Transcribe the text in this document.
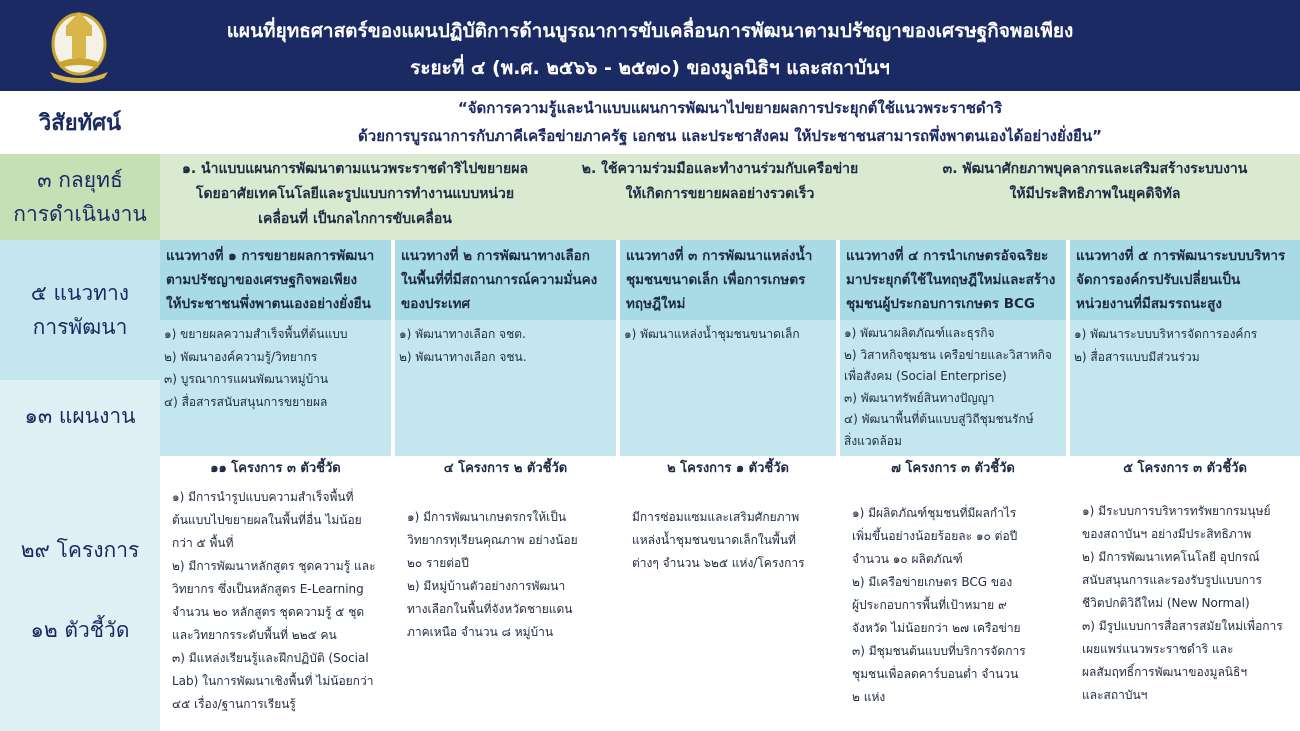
แผนที่ยุทธศาสตร์ของแผนปฏิบัติการด้านบูรณาการขับเคลื่อนการพัฒนาตามปรัชญาของเศรษฐกิจพอเพียง
ระยะที่ ๔ (พ.ศ. ๒๕๖๖ - ๒๕๗๐) ของมูลนิธิฯ และสถาบันฯ
วิสัยทัศน์
“จัดการความรู้และนำแบบแผนการพัฒนาไปขยายผลการประยุกต์ใช้แนวพระราชดำริ
ด้วยการบูรณาการกับภาคีเครือข่ายภาครัฐ เอกชน และประชาสังคม ให้ประชาชนสามารถพึ่งพาตนเองได้อย่างยั่งยืน”
๓ กลยุทธ์
การดำเนินงาน
๑. นำแบบแผนการพัฒนาตามแนวพระราชดำริไปขยายผล
โดยอาศัยเทคโนโลยีและรูปแบบการทำงานแบบหน่วย
เคลื่อนที่ เป็นกลไกการขับเคลื่อน
๒. ใช้ความร่วมมือและทำงานร่วมกับเครือข่าย
ให้เกิดการขยายผลอย่างรวดเร็ว
๓. พัฒนาศักยภาพบุคลากรและเสริมสร้างระบบงาน
ให้มีประสิทธิภาพในยุคดิจิทัล
๕ แนวทาง
การพัฒนา
๑๓ แผนงาน
๒๙ โครงการ
๑๒ ตัวชี้วัด
แนวทางที่ ๑ การขยายผลการพัฒนา
ตามปรัชญาของเศรษฐกิจพอเพียง
ให้ประชาชนพึ่งพาตนเองอย่างยั่งยืน
๑) ขยายผลความสำเร็จพื้นที่ต้นแบบ
๒) พัฒนาองค์ความรู้/วิทยากร
๓) บูรณาการแผนพัฒนาหมู่บ้าน
๔) สื่อสารสนับสนุนการขยายผล
๑๑ โครงการ ๓ ตัวชี้วัด
๑) มีการนำรูปแบบความสำเร็จพื้นที่
ต้นแบบไปขยายผลในพื้นที่อื่น ไม่น้อย
กว่า ๕ พื้นที่
๒) มีการพัฒนาหลักสูตร ชุดความรู้ และ
วิทยากร ซึ่งเป็นหลักสูตร E-Learning
จำนวน ๒๐ หลักสูตร ชุดความรู้ ๕ ชุด
และวิทยากรระดับพื้นที่ ๒๒๕ คน
๓) มีแหล่งเรียนรู้และฝึกปฏิบัติ (Social
Lab) ในการพัฒนาเชิงพื้นที่ ไม่น้อยกว่า
๔๕ เรื่อง/ฐานการเรียนรู้
แนวทางที่ ๒ การพัฒนาทางเลือก
ในพื้นที่ที่มีสถานการณ์ความมั่นคง
ของประเทศ
๑) พัฒนาทางเลือก จชต.
๒) พัฒนาทางเลือก จชน.
๔ โครงการ ๒ ตัวชี้วัด
๑) มีการพัฒนาเกษตรกรให้เป็น
วิทยากรทุเรียนคุณภาพ อย่างน้อย
๒๐ รายต่อปี
๒) มีหมู่บ้านตัวอย่างการพัฒนา
ทางเลือกในพื้นที่จังหวัดชายแดน
ภาคเหนือ จำนวน ๘ หมู่บ้าน
แนวทางที่ ๓ การพัฒนาแหล่งน้ำ
ชุมชนขนาดเล็ก เพื่อการเกษตร
ทฤษฎีใหม่
๑) พัฒนาแหล่งน้ำชุมชนขนาดเล็ก
๒ โครงการ ๑ ตัวชี้วัด
มีการซ่อมแซมและเสริมศักยภาพ
แหล่งน้ำชุมชนขนาดเล็กในพื้นที่
ต่างๆ จำนวน ๖๒๕ แห่ง/โครงการ
แนวทางที่ ๔ การนำเกษตรอัจฉริยะ
มาประยุกต์ใช้ในทฤษฎีใหม่และสร้าง
ชุมชนผู้ประกอบการเกษตร BCG
๑) พัฒนาผลิตภัณฑ์และธุรกิจ
๒) วิสาหกิจชุมชน เครือข่ายและวิสาหกิจ
เพื่อสังคม (Social Enterprise)
๓) พัฒนาทรัพย์สินทางปัญญา
๔) พัฒนาพื้นที่ต้นแบบสู่วิถีชุมชนรักษ์
สิ่งแวดล้อม
๗ โครงการ ๓ ตัวชี้วัด
๑) มีผลิตภัณฑ์ชุมชนที่มีผลกำไร
เพิ่มขึ้นอย่างน้อยร้อยละ ๑๐ ต่อปี
จำนวน ๑๐ ผลิตภัณฑ์
๒) มีเครือข่ายเกษตร BCG ของ
ผู้ประกอบการพื้นที่เป้าหมาย ๙
จังหวัด ไม่น้อยกว่า ๒๗ เครือข่าย
๓) มีชุมชนต้นแบบที่บริการจัดการ
ชุมชนเพื่อลดคาร์บอนต่ำ จำนวน
๒ แห่ง
แนวทางที่ ๕ การพัฒนาระบบบริหาร
จัดการองค์กรปรับเปลี่ยนเป็น
หน่วยงานที่มีสมรรถนะสูง
๑) พัฒนาระบบบริหารจัดการองค์กร
๒) สื่อสารแบบมีส่วนร่วม
๕ โครงการ ๓ ตัวชี้วัด
๑) มีระบบการบริหารทรัพยากรมนุษย์
ของสถาบันฯ อย่างมีประสิทธิภาพ
๒) มีการพัฒนาเทคโนโลยี อุปกรณ์
สนับสนุนการและรองรับรูปแบบการ
ชีวิตปกติวิถีใหม่ (New Normal)
๓) มีรูปแบบการสื่อสารสมัยใหม่เพื่อการ
เผยแพร่แนวพระราชดำริ และ
ผลสัมฤทธิ์การพัฒนาของมูลนิธิฯ
และสถาบันฯ
